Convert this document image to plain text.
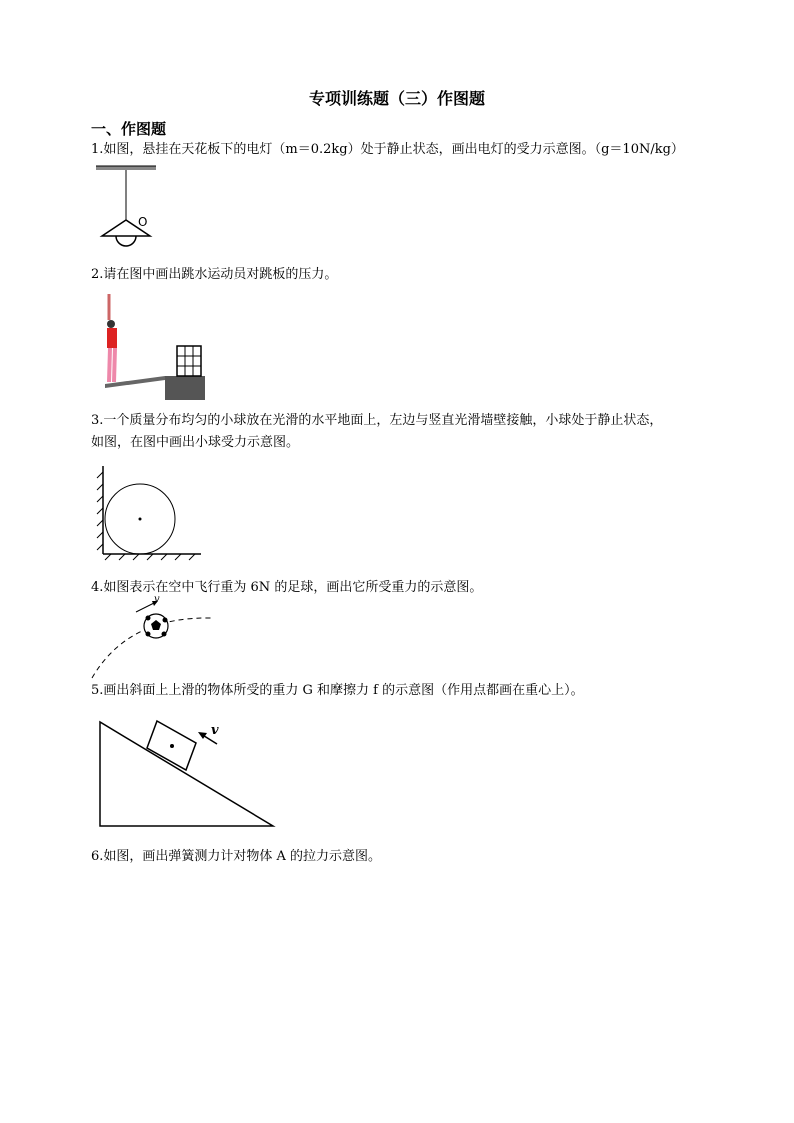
专项训练题（三）作图题
一、作图题
1.如图，悬挂在天花板下的电灯（m＝0.2kg）处于静止状态，画出电灯的受力示意图。（g＝10N/kg）
O
2.请在图中画出跳水运动员对跳板的压力。
3.一个质量分布均匀的小球放在光滑的水平地面上，左边与竖直光滑墙壁接触，小球处于静止状态，
如图，在图中画出小球受力示意图。
4.如图表示在空中飞行重为 6N 的足球，画出它所受重力的示意图。
v
5.画出斜面上上滑的物体所受的重力 G 和摩擦力 f 的示意图（作用点都画在重心上）。
v
6.如图，画出弹簧测力计对物体 A 的拉力示意图。
